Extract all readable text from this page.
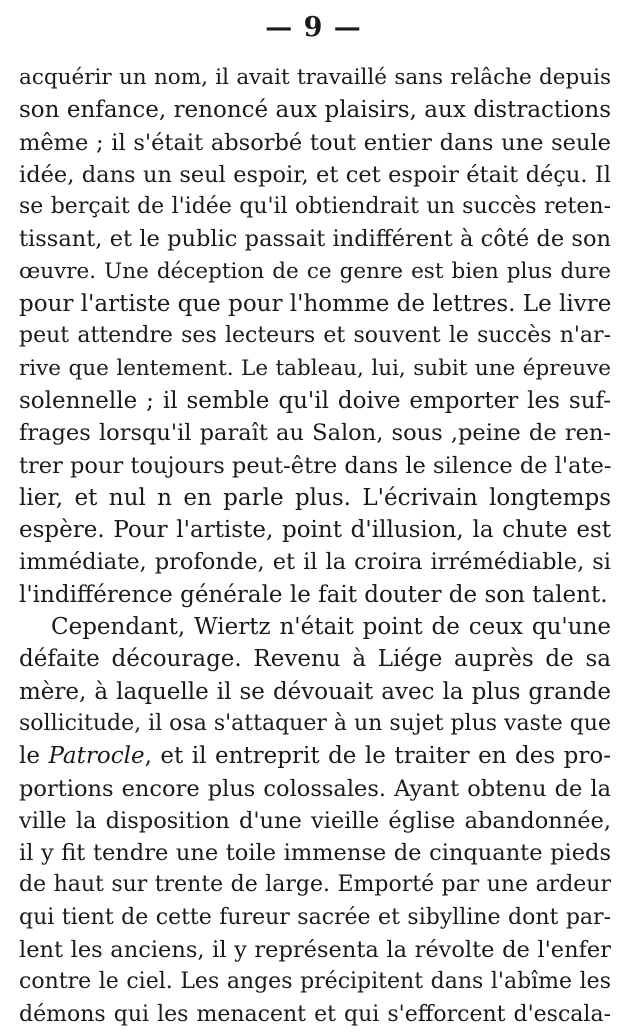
— 9 —
acquérir un nom, il avait travaillé sans relâche depuis
son enfance, renoncé aux plaisirs, aux distractions
même ; il s'était absorbé tout entier dans une seule
idée, dans un seul espoir, et cet espoir était déçu. Il
se berçait de l'idée qu'il obtiendrait un succès reten-
tissant, et le public passait indifférent à côté de son
œuvre. Une déception de ce genre est bien plus dure
pour l'artiste que pour l'homme de lettres. Le livre
peut attendre ses lecteurs et souvent le succès n'ar-
rive que lentement. Le tableau, lui, subit une épreuve
solennelle ; il semble qu'il doive emporter les suf-
frages lorsqu'il paraît au Salon, sous ,peine de ren-
trer pour toujours peut-être dans le silence de l'ate-
lier, et nul n en parle plus. L'écrivain longtemps
espère. Pour l'artiste, point d'illusion, la chute est
immédiate, profonde, et il la croira irrémédiable, si
l'indifférence générale le fait douter de son talent.
Cependant, Wiertz n'était point de ceux qu'une
défaite décourage. Revenu à Liége auprès de sa
mère, à laquelle il se dévouait avec la plus grande
sollicitude, il osa s'attaquer à un sujet plus vaste que
le Patrocle, et il entreprit de le traiter en des pro-
portions encore plus colossales. Ayant obtenu de la
ville la disposition d'une vieille église abandonnée,
il y fit tendre une toile immense de cinquante pieds
de haut sur trente de large. Emporté par une ardeur
qui tient de cette fureur sacrée et sibylline dont par-
lent les anciens, il y représenta la révolte de l'enfer
contre le ciel. Les anges précipitent dans l'abîme les
démons qui les menacent et qui s'efforcent d'escala-
